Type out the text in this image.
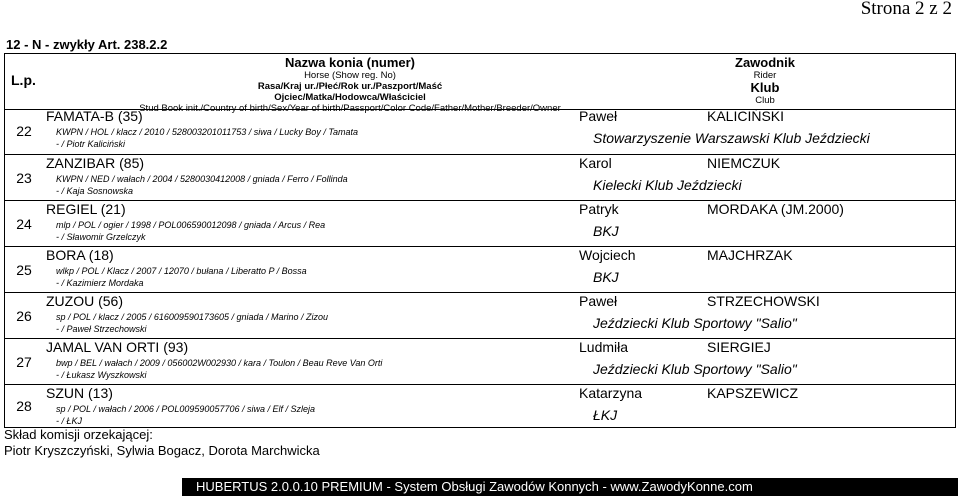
Strona 2 z 2
12 - N - zwykły Art. 238.2.2
L.p.
Nazwa konia (numer)
Horse (Show reg. No)
Rasa/Kraj ur./Płeć/Rok ur./Paszport/Maść
Ojciec/Matka/Hodowca/Właściciel
Stud Book init./Country of birth/Sex/Year of birth/Passport/Color Code/Father/Mother/Breeder/Owner
Zawodnik
Rider
Klub
Club
22
FAMATA-B (35)	Paweł	KALICIŃSKI
Stowarzyszenie Warszawski Klub Jeździecki
KWPN / HOL / klacz / 2010 / 528003201011753 / siwa / Lucky Boy / Tamata
- / Piotr Kaliciński
23
ZANZIBAR (85)	Karol	NIEMCZUK
Kielecki Klub Jeździecki
KWPN / NED / wałach / 2004 / 5280030412008 / gniada / Ferro / Follinda
- / Kaja Sosnowska
24
REGIEL (21)	Patryk	MORDAKA (JM.2000)
BKJ
mlp / POL / ogier / 1998 / POL006590012098 / gniada / Arcus / Rea
- / Sławomir Grzelczyk
25
BORA (18)	Wojciech	MAJCHRZAK
BKJ
wlkp / POL / Klacz / 2007 / 12070 / bułana / Liberatto P / Bossa
- / Kazimierz Mordaka
26
ZUZOU (56)	Paweł	STRZECHOWSKI
Jeździecki Klub Sportowy "Salio"
sp / POL / klacz / 2005 / 616009590173605 / gniada / Marino / Zizou
- / Paweł Strzechowski
27
JAMAL VAN ORTI (93)	Ludmiła	SIERGIEJ
Jeździecki Klub Sportowy "Salio"
bwp / BEL / wałach / 2009 / 056002W002930 / kara / Toulon / Beau Reve Van Orti
- / Łukasz Wyszkowski
28
SZUN (13)	Katarzyna	KAPSZEWICZ
ŁKJ
sp / POL / wałach / 2006 / POL009590057706 / siwa / Elf / Szleja
- / ŁKJ
Skład komisji orzekającej:
Piotr Kryszczyński, Sylwia Bogacz, Dorota Marchwicka
HUBERTUS 2.0.0.10 PREMIUM - System Obsługi Zawodów Konnych - www.ZawodyKonne.com
